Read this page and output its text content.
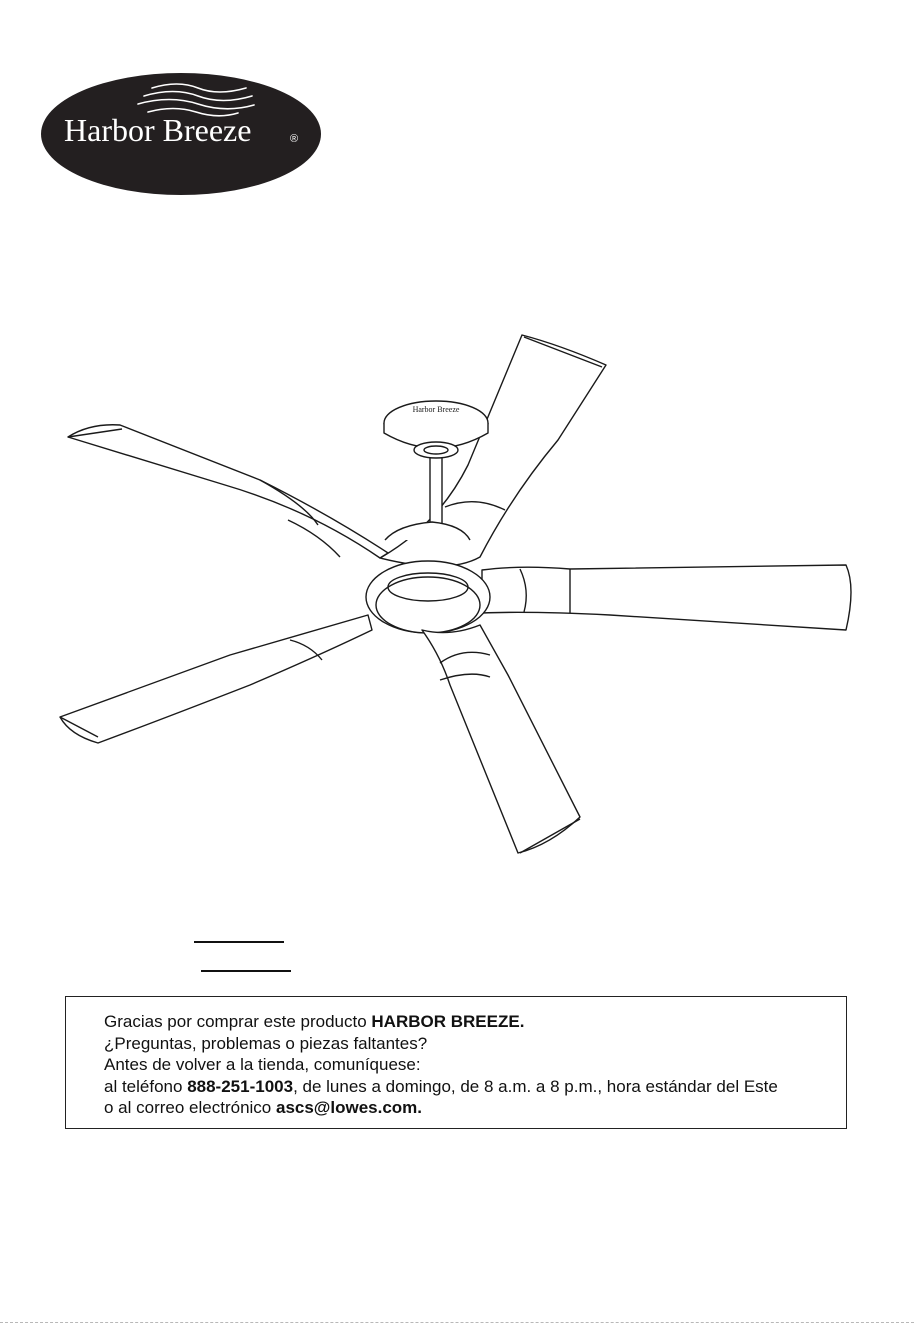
Harbor Breeze	®
Harbor Breeze
Gracias por comprar este producto HARBOR BREEZE.
¿Preguntas, problemas o piezas faltantes?
Antes de volver a la tienda, comuníquese:
al teléfono 888-251-1003, de lunes a domingo, de 8 a.m. a 8 p.m., hora estándar del Este
o al correo electrónico ascs@lowes.com.
